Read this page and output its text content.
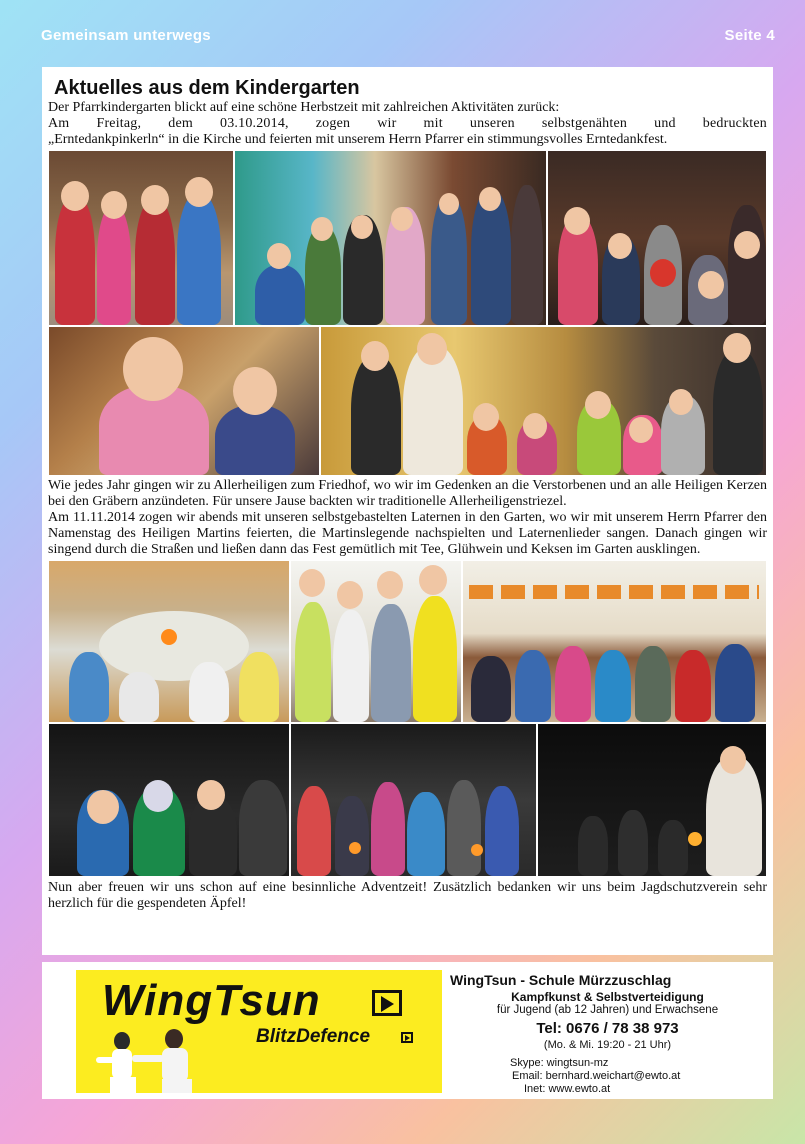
Gemeinsam unterwegs	Seite 4
Aktuelles aus dem Kindergarten

Der Pfarrkindergarten blickt auf eine schöne Herbstzeit mit zahlreichen Aktivitäten zurück:

Am Freitag, dem 03.10.2014, zogen wir mit unseren selbstgenähten und bedruckten

„Erntedankpinkerln“ in die Kirche und feierten mit unserem Herrn Pfarrer ein stimmungsvolles Erntedankfest.

Wie jedes Jahr gingen wir zu Allerheiligen zum Friedhof, wo wir im Gedenken an die Verstorbenen und an alle Heiligen Kerzen bei den Gräbern anzündeten. Für unsere Jause backten wir traditionelle Allerheiligenstriezel.

Am 11.11.2014 zogen wir abends mit unseren selbstgebastelten Laternen in den Garten, wo wir mit unserem Herrn Pfarrer den Namenstag des Heiligen Martins feierten, die Martinslegende nachspielten und Laternenlieder sangen. Danach gingen wir singend durch die Straßen und ließen dann das Fest gemütlich mit Tee, Glühwein und Keksen im Garten ausklingen.

Nun aber freuen wir uns schon auf eine besinnliche Adventzeit! Zusätzlich bedanken wir uns beim Jagdschutzverein sehr herzlich für die gespendeten Äpfel!

WingTsun
BlitzDefence
WingTsun - Schule Mürzzuschlag
Kampfkunst & Selbstverteidigung
für Jugend (ab 12 Jahren) und Erwachsene
Tel: 0676 / 78 38 973
(Mo. & Mi. 19:20 - 21 Uhr)
Skype: wingtsun-mz
Email: bernhard.weichart@ewto.at
Inet: www.ewto.at
